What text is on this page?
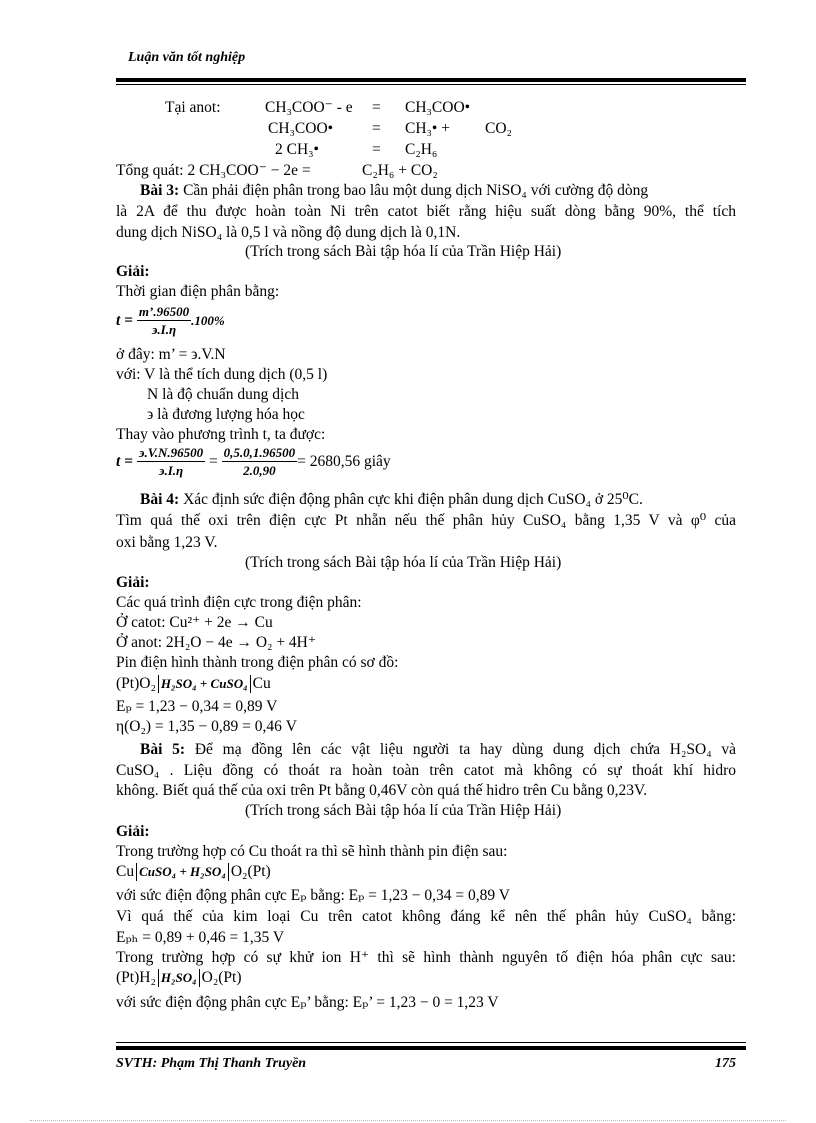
Luận văn tốt nghiệp
Tại anot:	CH₃COO⁻ - e = CH₃COO•
CH₃COO•	= CH₃• + CO₂
2 CH₃•	= C₂H₆
Tổng quát: 2 CH₃COO⁻ − 2e =	C₂H₆ + CO₂
Bài 3: Cần phải điện phân trong bao lâu một dung dịch NiSO₄ với cường độ dòng
là 2A để thu được hoàn toàn Ni trên catot biết rằng hiệu suất dòng bằng 90%, thể tích
dung dịch NiSO₄ là 0,5 l và nồng độ dung dịch là 0,1N.
(Trích trong sách Bài tập hóa lí của Trần Hiệp Hải)
Giải:
Thời gian điện phân bằng:
$t = \frac{m’.96500}{϶.I.\eta} .100\%$
ở đây: m’ = ϶.V.N
với: V là thể tích dung dịch (0,5 l)
N là độ chuẩn dung dịch
϶ là đương lượng hóa học
Thay vào phương trình t, ta được:
$t = \frac{϶.V.N.96500}{϶.I.\eta} = \frac{0,5.0,1.96500}{2.0,90} = 2680,56$ giây
Bài 4: Xác định sức điện động phân cực khi điện phân dung dịch CuSO₄ ở 25⁰C.
Tìm quá thế oxi trên điện cực Pt nhẵn nếu thế phân hủy CuSO₄ bằng 1,35 V và φ⁰ của
oxi bằng 1,23 V.
(Trích trong sách Bài tập hóa lí của Trần Hiệp Hải)
Giải:
Các quá trình điện cực trong điện phân:
Ở catot: Cu²⁺ + 2e → Cu
Ở anot: 2H₂O − 4e → O₂ + 4H⁺
Pin điện hình thành trong điện phân có sơ đồ:
(Pt)O₂ H₂SO₄ + CuSO₄ Cu
Eₚ = 1,23 − 0,34 = 0,89 V
η(O₂) = 1,35 − 0,89 = 0,46 V
Bài 5: Để mạ đồng lên các vật liệu người ta hay dùng dung dịch chứa H₂SO₄ và
CuSO₄ . Liệu đồng có thoát ra hoàn toàn trên catot mà không có sự thoát khí hidro
không. Biết quá thế của oxi trên Pt bằng 0,46V còn quá thế hidro trên Cu bằng 0,23V.
(Trích trong sách Bài tập hóa lí của Trần Hiệp Hải)
Giải:
Trong trường hợp có Cu thoát ra thì sẽ hình thành pin điện sau:
Cu CuSO₄ + H₂SO₄ O₂(Pt)
với sức điện động phân cực Eₚ bằng: Eₚ = 1,23 − 0,34 = 0,89 V
Vì quá thế của kim loại Cu trên catot không đáng kể nên thế phân hủy CuSO₄ bằng:
Eₚₕ = 0,89 + 0,46 = 1,35 V
Trong trường hợp có sự khử ion H⁺ thì sẽ hình thành nguyên tố điện hóa phân cực sau:
(Pt)H₂ H₂SO₄ O₂(Pt)
với sức điện động phân cực Eₚ’ bằng: Eₚ’ = 1,23 − 0 = 1,23 V
SVTH: Phạm Thị Thanh Truyền	175
